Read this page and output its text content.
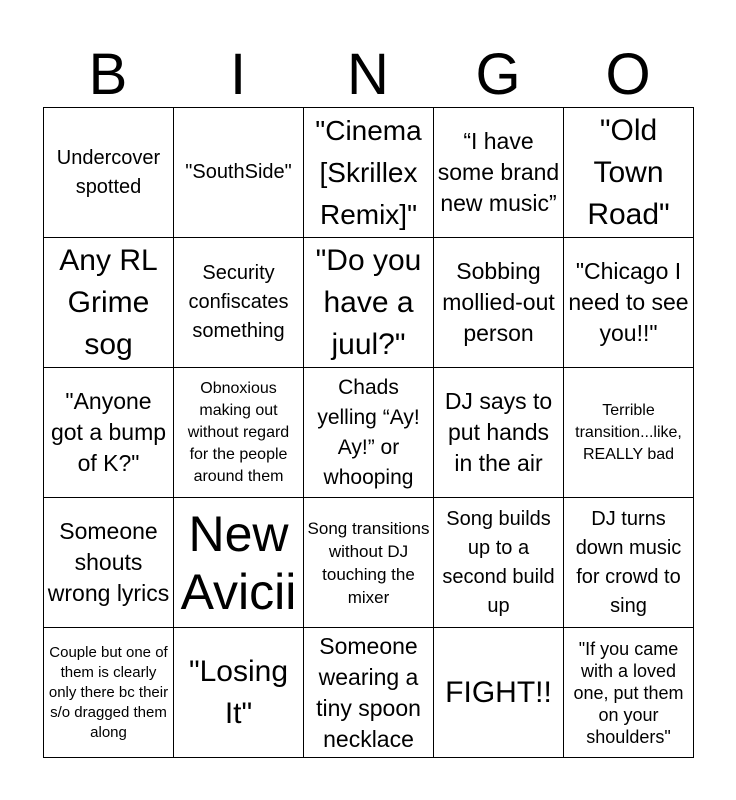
B	I	N	G	O
Undercover spotted	"SouthSide"	"Cinema [Skrillex Remix]"	“I have some brand new music”	"Old Town Road"

Any RL Grime sog	Security confiscates something	"Do you have a juul?"	Sobbing mollied-out person	"Chicago I need to see you!!"

"Anyone got a bump of K?"	Obnoxious making out without regard for the people around them	Chads yelling “Ay! Ay!” or whooping	DJ says to put hands in the air	Terrible transition...like, REALLY bad

Someone shouts wrong lyrics	New Avicii	Song transitions without DJ touching the mixer	Song builds up to a second build up	DJ turns down music for crowd to sing

Couple but one of them is clearly only there bc their s/o dragged them along	"Losing It"	Someone wearing a tiny spoon necklace	FIGHT!!	"If you came with a loved one, put them on your shoulders"
